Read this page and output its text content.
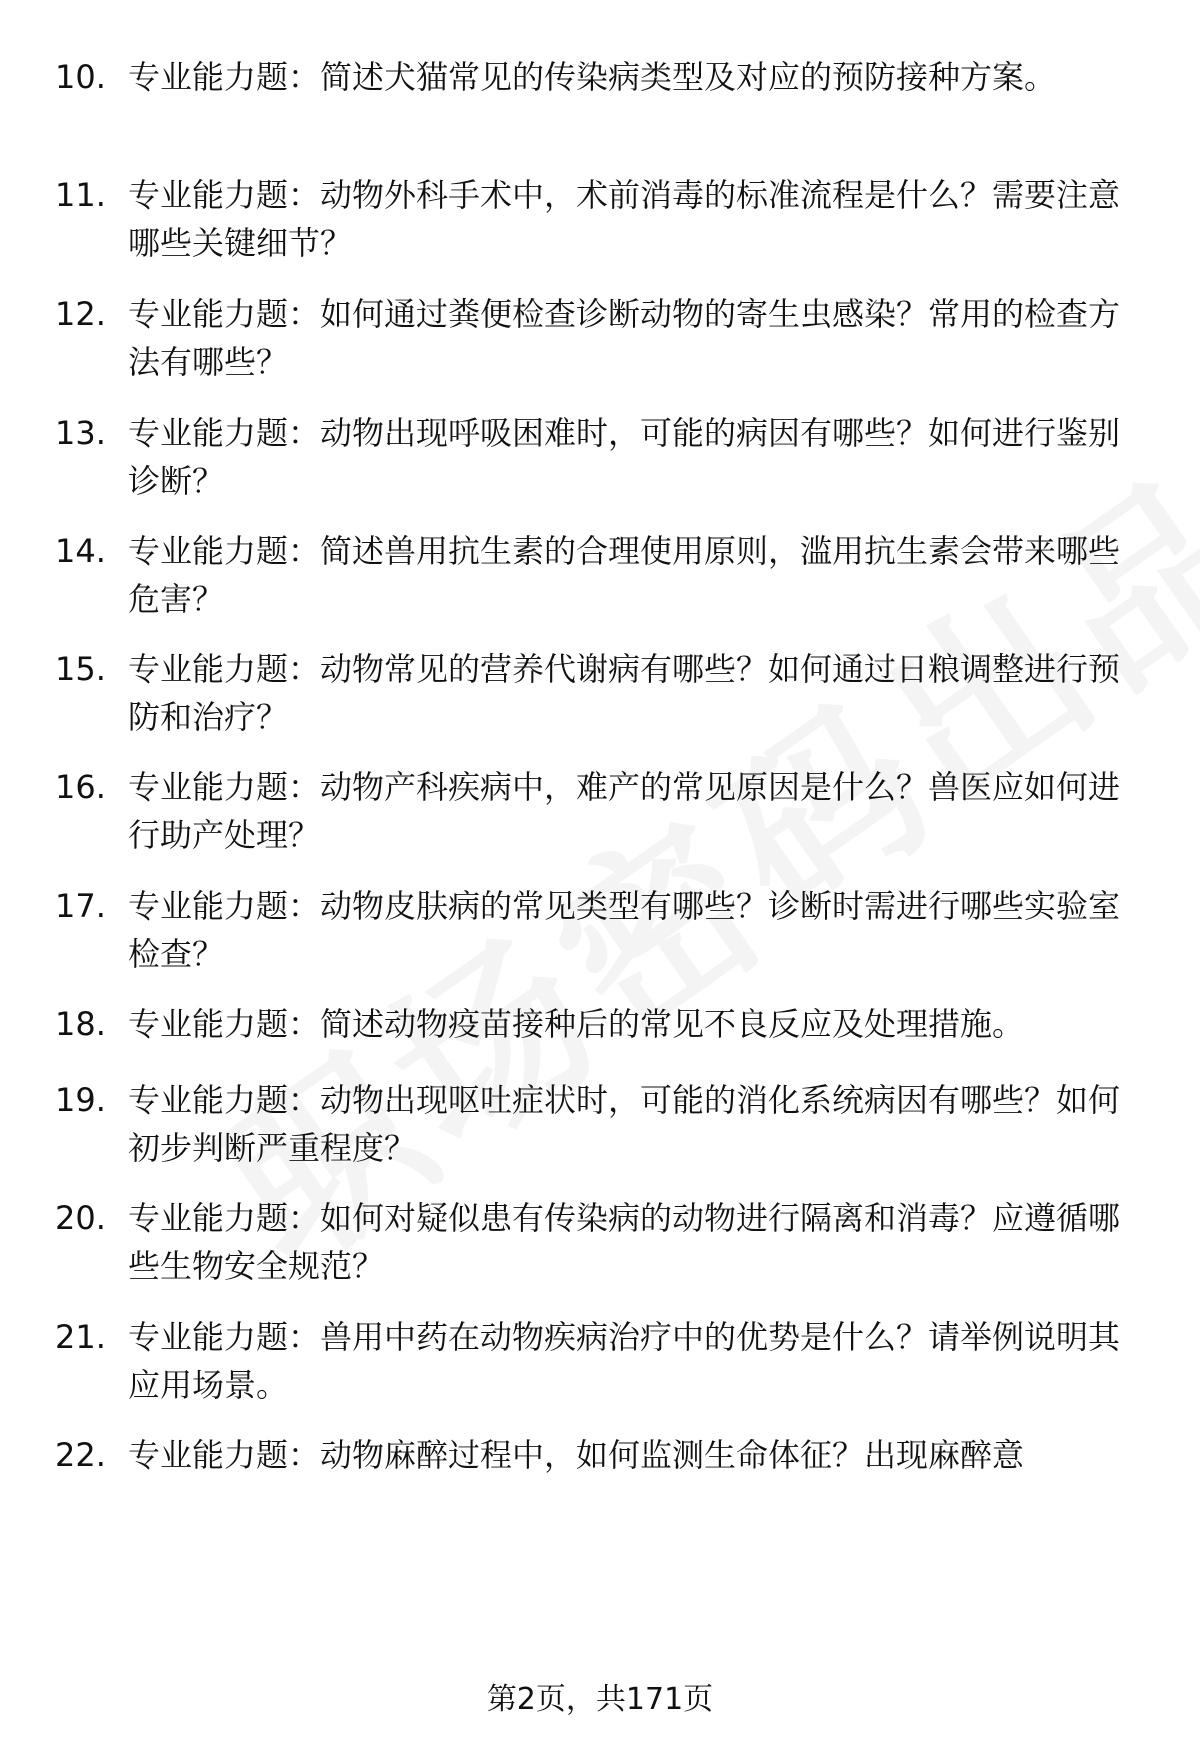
10. 专业能力题：简述犬猫常见的传染病类型及对应的预防接种方案。
11. 专业能力题：动物外科手术中，术前消毒的标准流程是什么？需要注意哪些关键细节？
12. 专业能力题：如何通过粪便检查诊断动物的寄生虫感染？常用的检查方法有哪些？
13. 专业能力题：动物出现呼吸困难时，可能的病因有哪些？如何进行鉴别诊断？
14. 专业能力题：简述兽用抗生素的合理使用原则，滥用抗生素会带来哪些危害？
15. 专业能力题：动物常见的营养代谢病有哪些？如何通过日粮调整进行预防和治疗？
16. 专业能力题：动物产科疾病中，难产的常见原因是什么？兽医应如何进行助产处理？
17. 专业能力题：动物皮肤病的常见类型有哪些？诊断时需进行哪些实验室检查？
18. 专业能力题：简述动物疫苗接种后的常见不良反应及处理措施。
19. 专业能力题：动物出现呕吐症状时，可能的消化系统病因有哪些？如何初步判断严重程度？
20. 专业能力题：如何对疑似患有传染病的动物进行隔离和消毒？应遵循哪些生物安全规范？
21. 专业能力题：兽用中药在动物疾病治疗中的优势是什么？请举例说明其应用场景。
22. 专业能力题：动物麻醉过程中，如何监测生命体征？出现麻醉意
第2页，共171页
